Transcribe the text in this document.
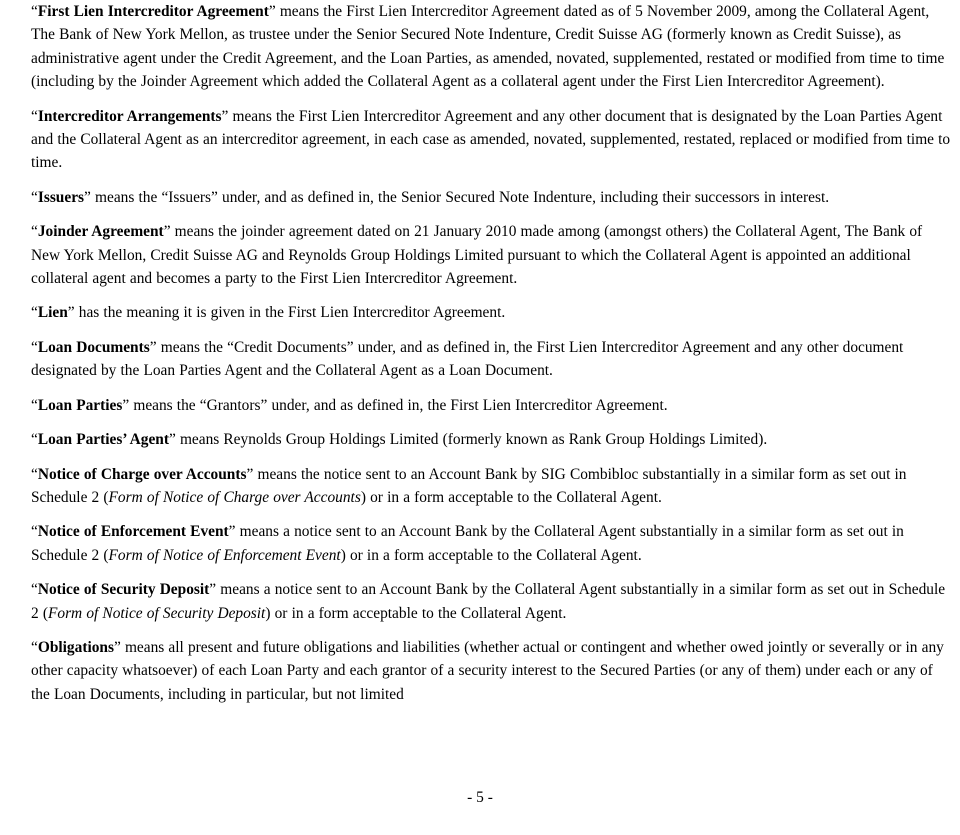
“First Lien Intercreditor Agreement” means the First Lien Intercreditor Agreement dated as of 5 November 2009, among the Collateral Agent, The Bank of New York Mellon, as trustee under the Senior Secured Note Indenture, Credit Suisse AG (formerly known as Credit Suisse), as administrative agent under the Credit Agreement, and the Loan Parties, as amended, novated, supplemented, restated or modified from time to time (including by the Joinder Agreement which added the Collateral Agent as a collateral agent under the First Lien Intercreditor Agreement).

“Intercreditor Arrangements” means the First Lien Intercreditor Agreement and any other document that is designated by the Loan Parties Agent and the Collateral Agent as an intercreditor agreement, in each case as amended, novated, supplemented, restated, replaced or modified from time to time.

“Issuers” means the “Issuers” under, and as defined in, the Senior Secured Note Indenture, including their successors in interest.

“Joinder Agreement” means the joinder agreement dated on 21 January 2010 made among (amongst others) the Collateral Agent, The Bank of New York Mellon, Credit Suisse AG and Reynolds Group Holdings Limited pursuant to which the Collateral Agent is appointed an additional collateral agent and becomes a party to the First Lien Intercreditor Agreement.

“Lien” has the meaning it is given in the First Lien Intercreditor Agreement.

“Loan Documents” means the “Credit Documents” under, and as defined in, the First Lien Intercreditor Agreement and any other document designated by the Loan Parties Agent and the Collateral Agent as a Loan Document.

“Loan Parties” means the “Grantors” under, and as defined in, the First Lien Intercreditor Agreement.

“Loan Parties’ Agent” means Reynolds Group Holdings Limited (formerly known as Rank Group Holdings Limited).

“Notice of Charge over Accounts” means the notice sent to an Account Bank by SIG Combibloc substantially in a similar form as set out in Schedule 2 (Form of Notice of Charge over Accounts) or in a form acceptable to the Collateral Agent.

“Notice of Enforcement Event” means a notice sent to an Account Bank by the Collateral Agent substantially in a similar form as set out in Schedule 2 (Form of Notice of Enforcement Event) or in a form acceptable to the Collateral Agent.

“Notice of Security Deposit” means a notice sent to an Account Bank by the Collateral Agent substantially in a similar form as set out in Schedule 2 (Form of Notice of Security Deposit) or in a form acceptable to the Collateral Agent.

“Obligations” means all present and future obligations and liabilities (whether actual or contingent and whether owed jointly or severally or in any other capacity whatsoever) of each Loan Party and each grantor of a security interest to the Secured Parties (or any of them) under each or any of the Loan Documents, including in particular, but not limited

- 5 -
